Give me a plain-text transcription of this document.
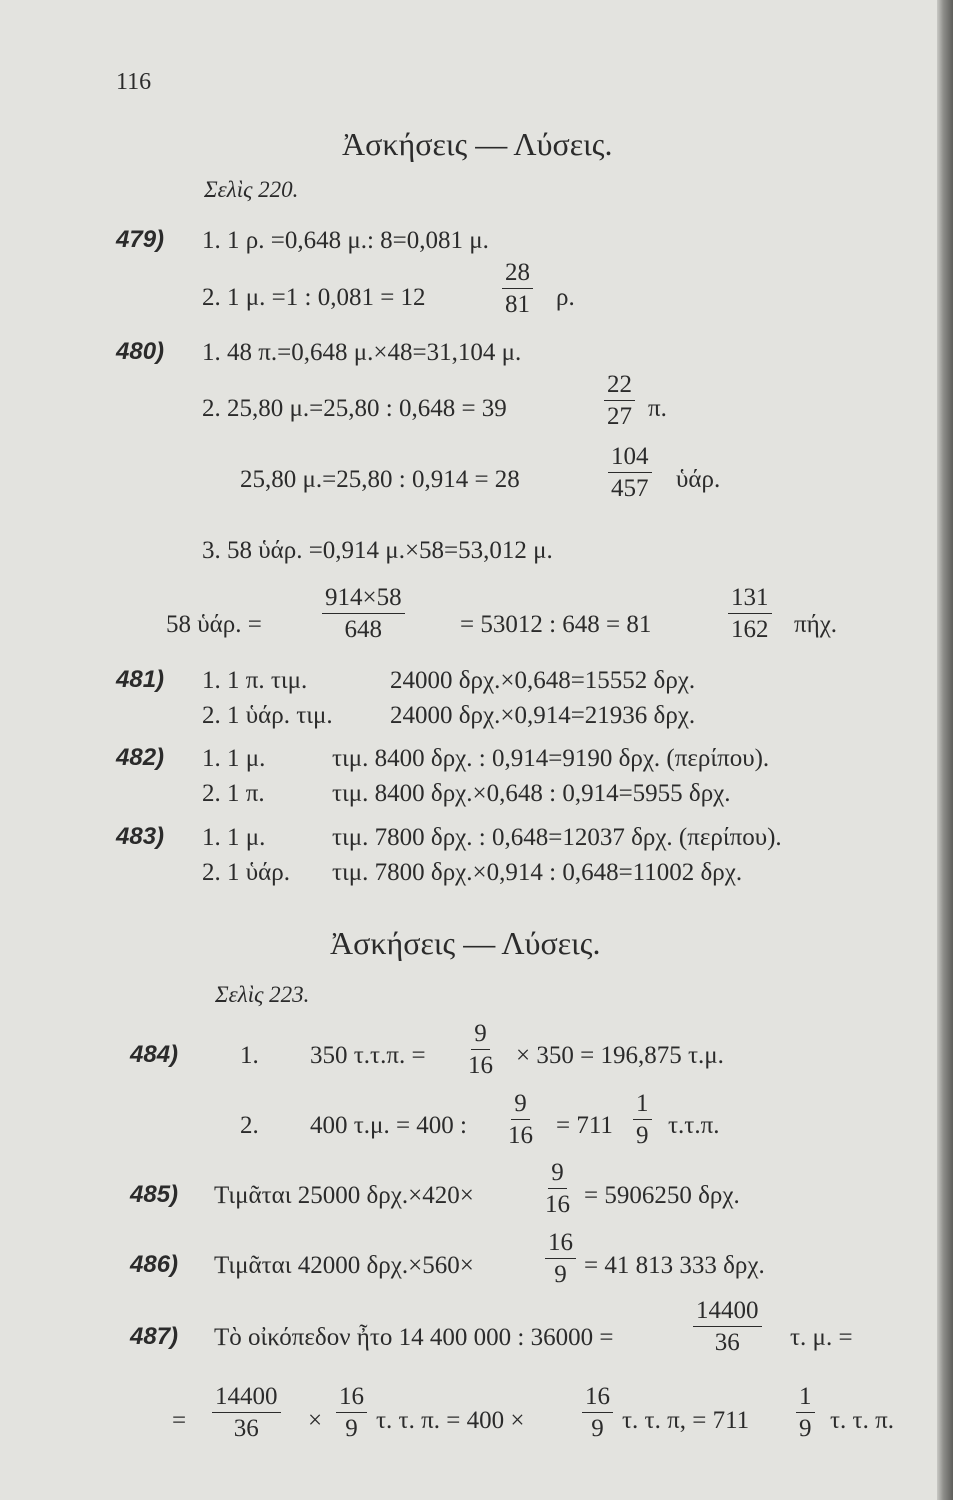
116
Ἀσκήσεις — Λύσεις.
Σελὶς 220.
479) 1. 1 ρ. =0,648 μ.: 8=0,081 μ.
2. 1 μ. =1 : 0,081 = 12	$\frac{28}{81} \rho$.
480) 1. 48 π.=0,648 μ.×48=31,104 μ.
2. 25,80 μ.=25,80 : 0,648 = 39	$\frac{22}{27} \pi$.
25,80 μ.=25,80 : 0,914 = 28	$\frac{104}{457}$ ὑάρ.
3. 58 ὑάρ. =0,914 μ.×58=53,012 μ.
58 ὑάρ. = $\frac{914\times 58}{648} = 53012$ : 648 = 81	$\frac{131}{162} \pi ή\chi$.
481) 1. 1 π. τιμ.	24000 δρχ.×0,648=15552 δρχ.
2. 1 ὑάρ. τιμ. 24000 δρχ.×0,914=21936 δρχ.
482) 1. 1 μ.	τιμ. 8400 δρχ. : 0,914=9190 δρχ. (περίπου).
2. 1 π.	τιμ. 8400 δρχ.×0,648 : 0,914=5955 δρχ.
483) 1. 1 μ.	τιμ. 7800 δρχ. : 0,648=12037 δρχ. (περίπου).
2. 1 ὑάρ. τιμ. 7800 δρχ.×0,914 : 0,648=11002 δρχ.
Ἀσκήσεις — Λύσεις.
Σελὶς 223.
484) 1. 350 τ.τ.π. = $\frac{9}{16} \times 350 = 196,875$ τ.μ.
2. 400 τ.μ. = 400 : $\frac{9}{16} = 711 \frac{1}{9} \tau.\tau.\pi$.
485) Τιμᾶται 25000 δρχ.×420×	$\frac{9}{16} = 5906250$ δρχ.
486) Τιμᾶται 42000 δρχ.×560×	$\frac{16}{9} = 41$ 813 333 δρχ.
487) Τὸ οἰκόπεδον ἦτο 14 400 000 : 36000 =	$\frac{14400}{36} \tau$. μ. =
= $\frac{14400}{36} \times \frac{16}{9} \tau$. τ. π. = $400 \times \frac{16}{9} \tau$. τ. π, = $711 \frac{1}{9} \tau$. τ. π.
